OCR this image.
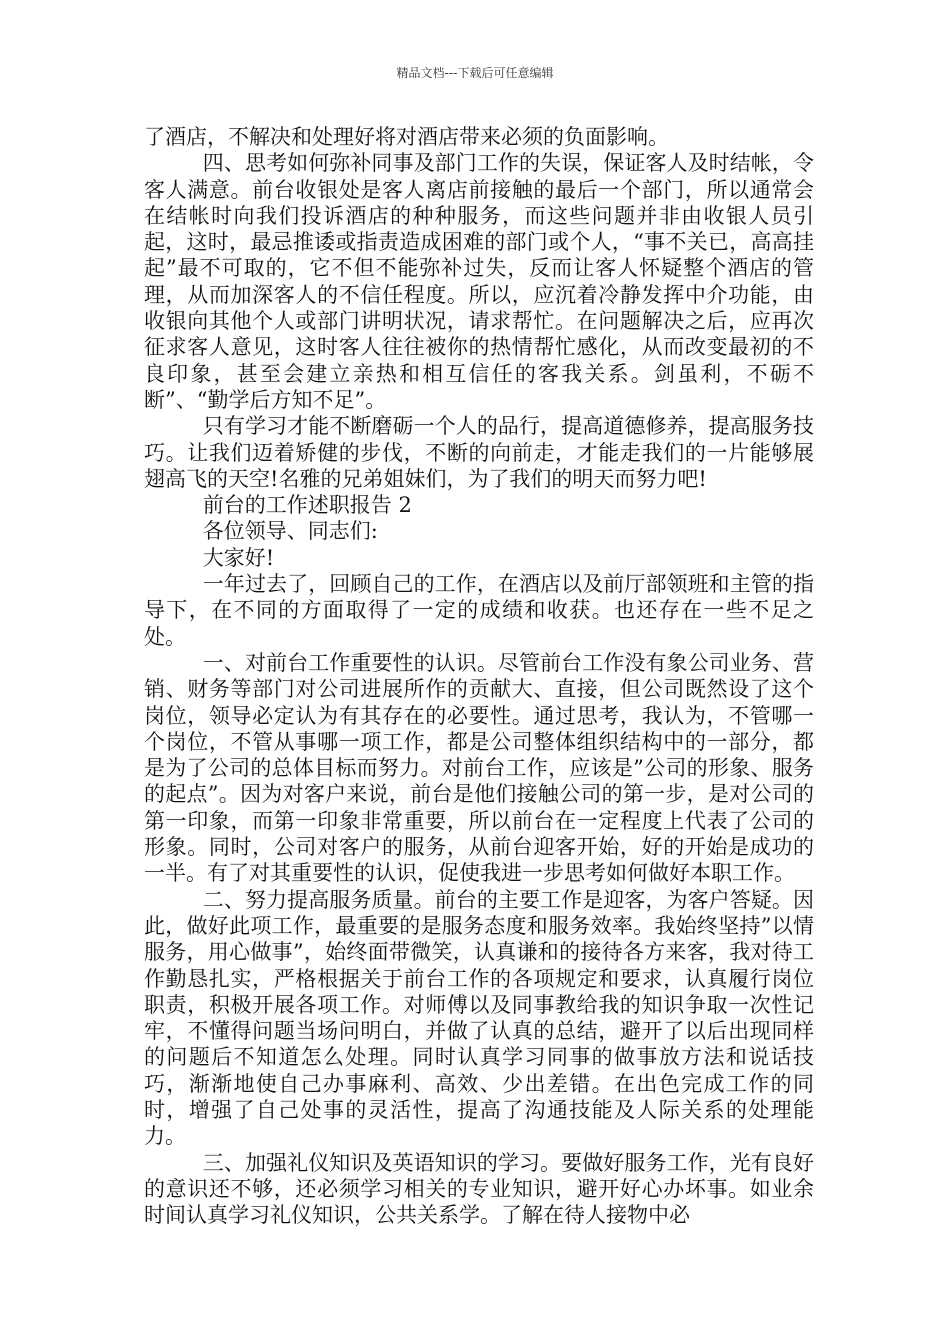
精品文档---下载后可任意编辑

了酒店，不解决和处理好将对酒店带来必须的负面影响。

四、思考如何弥补同事及部门工作的失误，保证客人及时结帐，令客人满意。前台收银处是客人离店前接触的最后一个部门，所以通常会在结帐时向我们投诉酒店的种种服务，而这些问题并非由收银人员引起，这时，最忌推诿或指责造成困难的部门或个人，“事不关已，高高挂起”最不可取的，它不但不能弥补过失，反而让客人怀疑整个酒店的管理，从而加深客人的不信任程度。所以，应沉着冷静发挥中介功能，由收银向其他个人或部门讲明状况，请求帮忙。在问题解决之后，应再次征求客人意见，这时客人往往被你的热情帮忙感化，从而改变最初的不良印象，甚至会建立亲热和相互信任的客我关系。剑虽利，不砺不断”、“勤学后方知不足”。

只有学习才能不断磨砺一个人的品行，提高道德修养，提高服务技巧。让我们迈着矫健的步伐，不断的向前走，才能走我们的一片能够展翅高飞的天空!名雅的兄弟姐妹们，为了我们的明天而努力吧!

前台的工作述职报告 2

各位领导、同志们:

大家好!

一年过去了，回顾自己的工作，在酒店以及前厅部领班和主管的指导下，在不同的方面取得了一定的成绩和收获。也还存在一些不足之处。

一、对前台工作重要性的认识。尽管前台工作没有象公司业务、营销、财务等部门对公司进展所作的贡献大、直接，但公司既然设了这个岗位，领导必定认为有其存在的必要性。通过思考，我认为，不管哪一个岗位，不管从事哪一项工作，都是公司整体组织结构中的一部分，都是为了公司的总体目标而努力。对前台工作，应该是”公司的形象、服务的起点”。因为对客户来说，前台是他们接触公司的第一步，是对公司的第一印象，而第一印象非常重要，所以前台在一定程度上代表了公司的形象。同时，公司对客户的服务，从前台迎客开始，好的开始是成功的一半。有了对其重要性的认识，促使我进一步思考如何做好本职工作。

二、努力提高服务质量。前台的主要工作是迎客，为客户答疑。因此，做好此项工作，最重要的是服务态度和服务效率。我始终坚持”以情服务，用心做事”，始终面带微笑，认真谦和的接待各方来客，我对待工作勤恳扎实，严格根据关于前台工作的各项规定和要求，认真履行岗位职责，积极开展各项工作。对师傅以及同事教给我的知识争取一次性记牢，不懂得问题当场问明白，并做了认真的总结，避开了以后出现同样的问题后不知道怎么处理。同时认真学习同事的做事放方法和说话技巧，渐渐地使自己办事麻利、高效、少出差错。在出色完成工作的同时，增强了自己处事的灵活性，提高了沟通技能及人际关系的处理能力。

三、加强礼仪知识及英语知识的学习。要做好服务工作，光有良好的意识还不够，还必须学习相关的专业知识，避开好心办坏事。如业余时间认真学习礼仪知识，公共关系学。了解在待人接物中必
